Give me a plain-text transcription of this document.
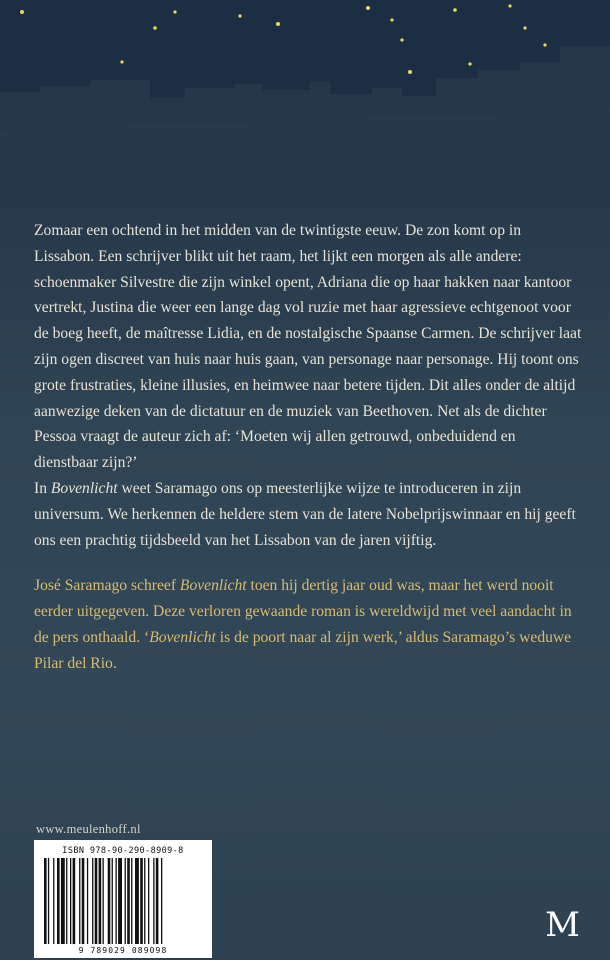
Zomaar een ochtend in het midden van de twintigste eeuw. De zon komt op in Lissabon. Een schrijver blikt uit het raam, het lijkt een morgen als alle andere: schoenmaker Silvestre die zijn winkel opent, Adriana die op haar hakken naar kantoor vertrekt, Justina die weer een lange dag vol ruzie met haar agressieve echtgenoot voor de boeg heeft, de maîtresse Lidia, en de nostalgische Spaanse Carmen. De schrijver laat zijn ogen discreet van huis naar huis gaan, van personage naar personage. Hij toont ons grote frustraties, kleine illusies, en heimwee naar betere tijden. Dit alles onder de altijd aanwezige deken van de dictatuur en de muziek van Beethoven. Net als de dichter Pessoa vraagt de auteur zich af: ‘Moeten wij allen getrouwd, onbeduidend en dienstbaar zijn?’

In Bovenlicht weet Saramago ons op meesterlijke wijze te introduceren in zijn universum. We herkennen de heldere stem van de latere Nobelprijswinnaar en hij geeft ons een prachtig tijdsbeeld van het Lissabon van de jaren vijftig.

José Saramago schreef Bovenlicht toen hij dertig jaar oud was, maar het werd nooit eerder uitgegeven. Deze verloren gewaande roman is wereldwijd met veel aandacht in de pers onthaald. ‘Bovenlicht is de poort naar al zijn werk,’ aldus Saramago’s weduwe Pilar del Rio.

www.meulenhoff.nl
ISBN 978-90-290-8909-8
9 789029 089098
M
